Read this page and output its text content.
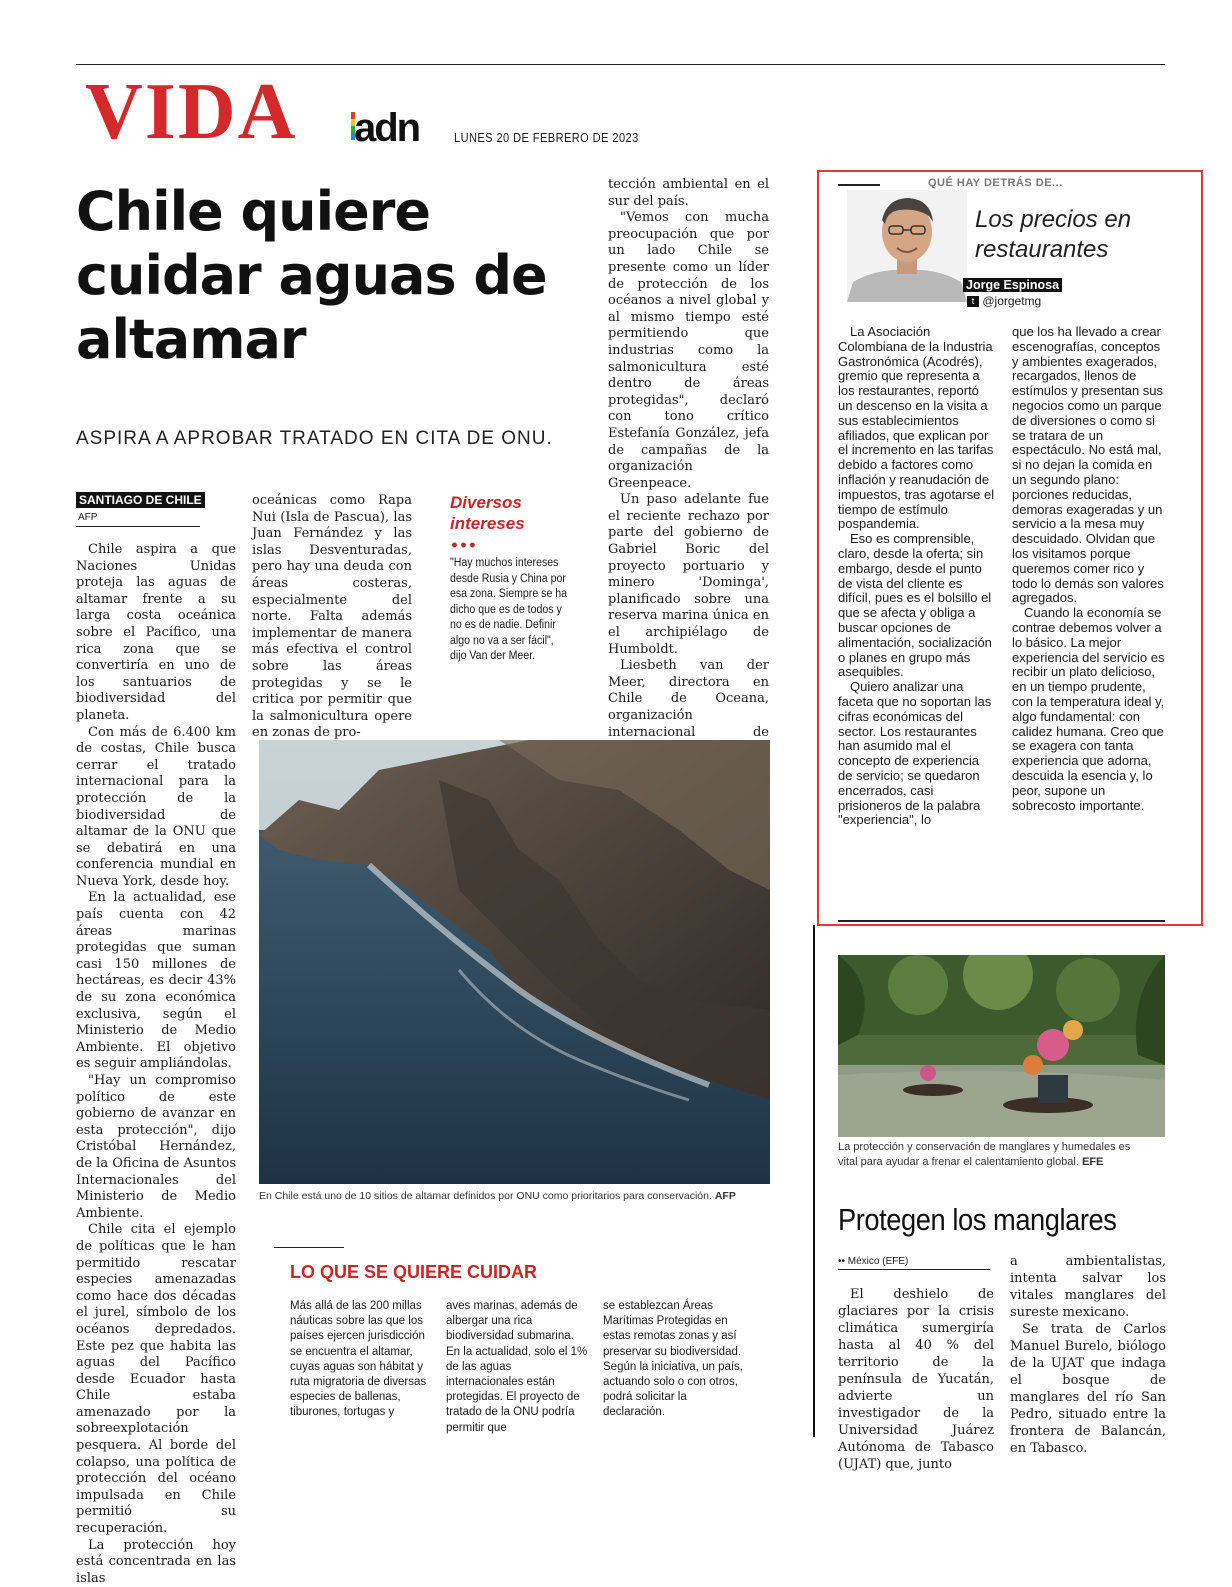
VIDA adn	LUNES 20 DE FEBRERO DE 2023
Chile quiere cuidar aguas de altamar
ASPIRA A APROBAR TRATADO EN CITA DE ONU.
SANTIAGO DE CHILE
AFP

Chile aspira a que Naciones Unidas proteja las aguas de altamar frente a su larga costa oceánica sobre el Pacífico, una rica zona que se convertiría en uno de los santuarios de biodiversidad del planeta.

Con más de 6.400 km de costas, Chile busca cerrar el tratado internacional para la protección de la biodiversidad de altamar de la ONU que se debatirá en una conferencia mundial en Nueva York, desde hoy.

En la actualidad, ese país cuenta con 42 áreas marinas protegidas que suman casi 150 millones de hectáreas, es decir 43% de su zona económica exclusiva, según el Ministerio de Medio Ambiente. El objetivo es seguir ampliándolas.

"Hay un compromiso político de este gobierno de avanzar en esta protección", dijo Cristóbal Hernández, de la Oficina de Asuntos Internacionales del Ministerio de Medio Ambiente.

Chile cita el ejemplo de políticas que le han permitido rescatar especies amenazadas como hace dos décadas el jurel, símbolo de los océanos depredados. Este pez que habita las aguas del Pacífico desde Ecuador hasta Chile estaba amenazado por la sobreexplotación pesquera. Al borde del colapso, una política de protección del océano impulsada en Chile permitió su recuperación.

La protección hoy está concentrada en las islas

oceánicas como Rapa Nui (Isla de Pascua), las Juan Fernández y las islas Desventuradas, pero hay una deuda con áreas costeras, especialmente del norte. Falta además implementar de manera más efectiva el control sobre las áreas protegidas y se le critica por permitir que la salmonicultura opere en zonas de pro-

Diversos intereses
•••
"Hay muchos intereses desde Rusia y China por esa zona. Siempre se ha dicho que es de todos y no es de nadie. Definir algo no va a ser fácil", dijo Van der Meer.

tección ambiental en el sur del país.

"Vemos con mucha preocupación que por un lado Chile se presente como un líder de protección de los océanos a nivel global y al mismo tiempo esté permitiendo que industrias como la salmonicultura esté dentro de áreas protegidas", declaró con tono crítico Estefanía González, jefa de campañas de la organización Greenpeace.

Un paso adelante fue el reciente rechazo por parte del gobierno de Gabriel Boric del proyecto portuario y minero 'Dominga', planificado sobre una reserva marina única en el archipiélago de Humboldt.

Liesbeth van der Meer, directora en Chile de Oceana, organización internacional de

En Chile está uno de 10 sitios de altamar definidos por ONU como prioritarios para conservación. AFP
LO QUE SE QUIERE CUIDAR
Más allá de las 200 millas náuticas sobre las que los países ejercen jurisdicción se encuentra el altamar, cuyas aguas son hábitat y ruta migratoria de diversas especies de ballenas, tiburones, tortugas y
aves marinas, además de albergar una rica biodiversidad submarina. En la actualidad, solo el 1% de las aguas internacionales están protegidas. El proyecto de tratado de la ONU podría permitir que
se establezcan Áreas Marítimas Protegidas en estas remotas zonas y así preservar su biodiversidad. Según la iniciativa, un país, actuando solo o con otros, podrá solicitar la declaración.
QUÉ HAY DETRÁS DE...
Los precios en restaurantes
Jorge Espinosa
t @jorgetmg

La Asociación Colombiana de la Industria Gastronómica (Acodrés), gremio que representa a los restaurantes, reportó un descenso en la visita a sus establecimientos afiliados, que explican por el incremento en las tarifas debido a factores como inflación y reanudación de impuestos, tras agotarse el tiempo de estímulo pospandemia.

Eso es comprensible, claro, desde la oferta; sin embargo, desde el punto de vista del cliente es difícil, pues es el bolsillo el que se afecta y obliga a buscar opciones de alimentación, socialización o planes en grupo más asequibles.

Quiero analizar una faceta que no soportan las cifras económicas del sector. Los restaurantes han asumido mal el concepto de experiencia de servicio; se quedaron encerrados, casi prisioneros de la palabra "experiencia", lo

que los ha llevado a crear escenografías, conceptos y ambientes exagerados, recargados, llenos de estímulos y presentan sus negocios como un parque de diversiones o como si se tratara de un espectáculo. No está mal, si no dejan la comida en un segundo plano: porciones reducidas, demoras exageradas y un servicio a la mesa muy descuidado. Olvidan que los visitamos porque queremos comer rico y todo lo demás son valores agregados.

Cuando la economía se contrae debemos volver a lo básico. La mejor experiencia del servicio es recibir un plato delicioso, en un tiempo prudente, con la temperatura ideal y, algo fundamental: con calidez humana. Creo que se exagera con tanta experiencia que adorna, descuida la esencia y, lo peor, supone un sobrecosto importante.

La protección y conservación de manglares y humedales es vital para ayudar a frenar el calentamiento global. EFE
Protegen los manglares
•• México (EFE)

El deshielo de glaciares por la crisis climática sumergiría hasta al 40 % del territorio de la península de Yucatán, advierte un investigador de la Universidad Juárez Autónoma de Tabasco (UJAT) que, junto

a ambientalistas, intenta salvar los vitales manglares del sureste mexicano.

Se trata de Carlos Manuel Burelo, biólogo de la UJAT que indaga el bosque de manglares del río San Pedro, situado entre la frontera de Balancán, en Tabasco.
